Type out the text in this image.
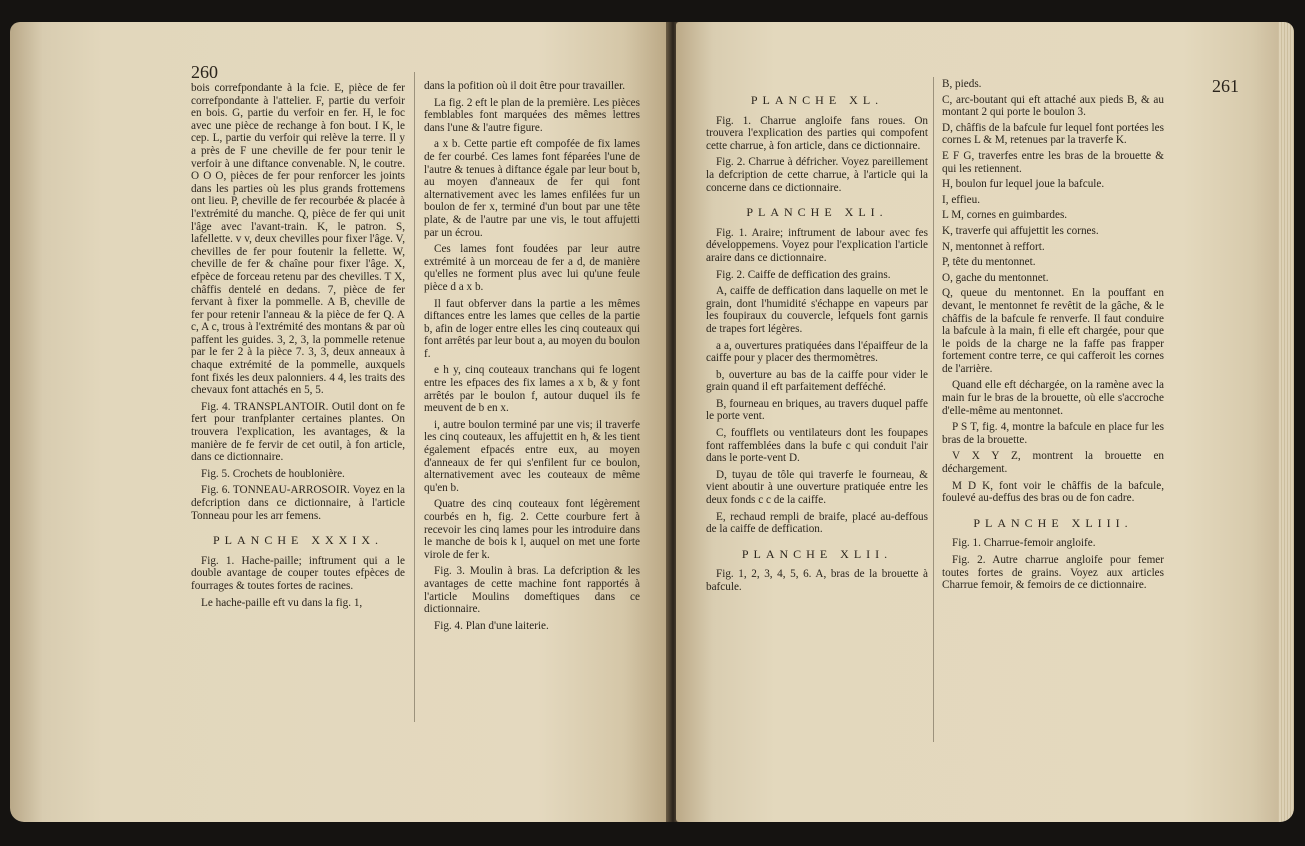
260

bois correfpondante à la fcie. E, pièce de fer correfpondante à l'attelier. F, partie du verfoir en bois. G, partie du verfoir en fer. H, le foc avec une pièce de rechange à fon bout. I K, le cep. L, partie du verfoir qui relève la terre. Il y a près de F une cheville de fer pour tenir le verfoir à une diftance convenable. N, le coutre. O O O, pièces de fer pour renforcer les joints dans les parties où les plus grands frottemens ont lieu. P, cheville de fer recourbée & placée à l'extrémité du manche. Q, pièce de fer qui unit l'âge avec l'avant-train. K, le patron. S, lafellette. v v, deux chevilles pour fixer l'âge. V, chevilles de fer pour foutenir la fellette. W, cheville de fer & chaîne pour fixer l'âge. X, efpèce de forceau retenu par des chevilles. T X, châffis dentelé en dedans. 7, pièce de fer fervant à fixer la pommelle. A B, cheville de fer pour retenir l'anneau & la pièce de fer Q. A c, A c, trous à l'extrémité des montans & par où paffent les guides. 3, 2, 3, la pommelle retenue par le fer 2 à la pièce 7. 3, 3, deux anneaux à chaque extrémité de la pommelle, auxquels font fixés les deux palonniers. 4 4, les traits des chevaux font attachés en 5, 5.

Fig. 4. TRANSPLANTOIR. Outil dont on fe fert pour tranfplanter certaines plantes. On trouvera l'explication, les avantages, & la manière de fe fervir de cet outil, à fon article, dans ce dictionnaire.

Fig. 5. Crochets de houblonière.

Fig. 6. TONNEAU-ARROSOIR. Voyez en la defcription dans ce dictionnaire, à l'article Tonneau pour les arr femens.

PLANCHE XXXIX.

Fig. 1. Hache-paille; inftrument qui a le double avantage de couper toutes efpèces de fourrages & toutes fortes de racines.

Le hache-paille eft vu dans la fig. 1,

dans la pofition où il doit être pour travailler.

La fig. 2 eft le plan de la première. Les pièces femblables font marquées des mêmes lettres dans l'une & l'autre figure.

a x b. Cette partie eft compofée de fix lames de fer courbé. Ces lames font féparées l'une de l'autre & tenues à diftance égale par leur bout b, au moyen d'anneaux de fer qui font alternativement avec les lames enfilées fur un boulon de fer x, terminé d'un bout par une tête plate, & de l'autre par une vis, le tout affujetti par un écrou.

Ces lames font foudées par leur autre extrémité à un morceau de fer a d, de manière qu'elles ne forment plus avec lui qu'une feule pièce d a x b.

Il faut obferver dans la partie a les mêmes diftances entre les lames que celles de la partie b, afin de loger entre elles les cinq couteaux qui font arrêtés par leur bout a, au moyen du boulon f.

e h y, cinq couteaux tranchans qui fe logent entre les efpaces des fix lames a x b, & y font arrêtés par le boulon f, autour duquel ils fe meuvent de b en x.

i, autre boulon terminé par une vis; il traverfe les cinq couteaux, les affujettit en h, & les tient également efpacés entre eux, au moyen d'anneaux de fer qui s'enfilent fur ce boulon, alternativement avec les couteaux de même qu'en b.

Quatre des cinq couteaux font légèrement courbés en h, fig. 2. Cette courbure fert à recevoir les cinq lames pour les introduire dans le manche de bois k l, auquel on met une forte virole de fer k.

Fig. 3. Moulin à bras. La defcription & les avantages de cette machine font rapportés à l'article Moulins domeftiques dans ce dictionnaire.

Fig. 4. Plan d'une laiterie.

261

PLANCHE XL.

Fig. 1. Charrue angloife fans roues. On trouvera l'explication des parties qui compofent cette charrue, à fon article, dans ce dictionnaire.

Fig. 2. Charrue à défricher. Voyez pareillement la defcription de cette charrue, à l'article qui la concerne dans ce dictionnaire.

PLANCHE XLI.

Fig. 1. Araire; inftrument de labour avec fes développemens. Voyez pour l'explication l'article araire dans ce dictionnaire.

Fig. 2. Caiffe de deffication des grains.

A, caiffe de deffication dans laquelle on met le grain, dont l'humidité s'échappe en vapeurs par les foupiraux du couvercle, lefquels font garnis de trapes fort légères.

a a, ouvertures pratiquées dans l'épaiffeur de la caiffe pour y placer des thermomètres.

b, ouverture au bas de la caiffe pour vider le grain quand il eft parfaitement defféché.

B, fourneau en briques, au travers duquel paffe le porte vent.

C, foufflets ou ventilateurs dont les foupapes font raffemblées dans la bufe c qui conduit l'air dans le porte-vent D.

D, tuyau de tôle qui traverfe le fourneau, & vient aboutir à une ouverture pratiquée entre les deux fonds c c de la caiffe.

E, rechaud rempli de braife, placé au-deffous de la caiffe de deffication.

PLANCHE XLII.

Fig. 1, 2, 3, 4, 5, 6. A, bras de la brouette à bafcule.

B, pieds.

C, arc-boutant qui eft attaché aux pieds B, & au montant 2 qui porte le boulon 3.

D, châffis de la bafcule fur lequel font portées les cornes L & M, retenues par la traverfe K.

E F G, traverfes entre les bras de la brouette & qui les retiennent.

H, boulon fur lequel joue la bafcule.

I, effieu.

L M, cornes en guimbardes.

K, traverfe qui affujettit les cornes.

N, mentonnet à reffort.

P, tête du mentonnet.

O, gache du mentonnet.

Q, queue du mentonnet. En la pouffant en devant, le mentonnet fe revêtit de la gâche, & le châffis de la bafcule fe renverfe. Il faut conduire la bafcule à la main, fi elle eft chargée, pour que le poids de la charge ne la faffe pas frapper fortement contre terre, ce qui cafferoit les cornes de l'arrière.

Quand elle eft déchargée, on la ramène avec la main fur le bras de la brouette, où elle s'accroche d'elle-même au mentonnet.

P S T, fig. 4, montre la bafcule en place fur les bras de la brouette.

V X Y Z, montrent la brouette en déchargement.

M D K, font voir le châffis de la bafcule, foulevé au-deffus des bras ou de fon cadre.

PLANCHE XLIII.

Fig. 1. Charrue-femoir angloife.

Fig. 2. Autre charrue angloife pour femer toutes fortes de grains. Voyez aux articles Charrue femoir, & femoirs de ce dictionnaire.
